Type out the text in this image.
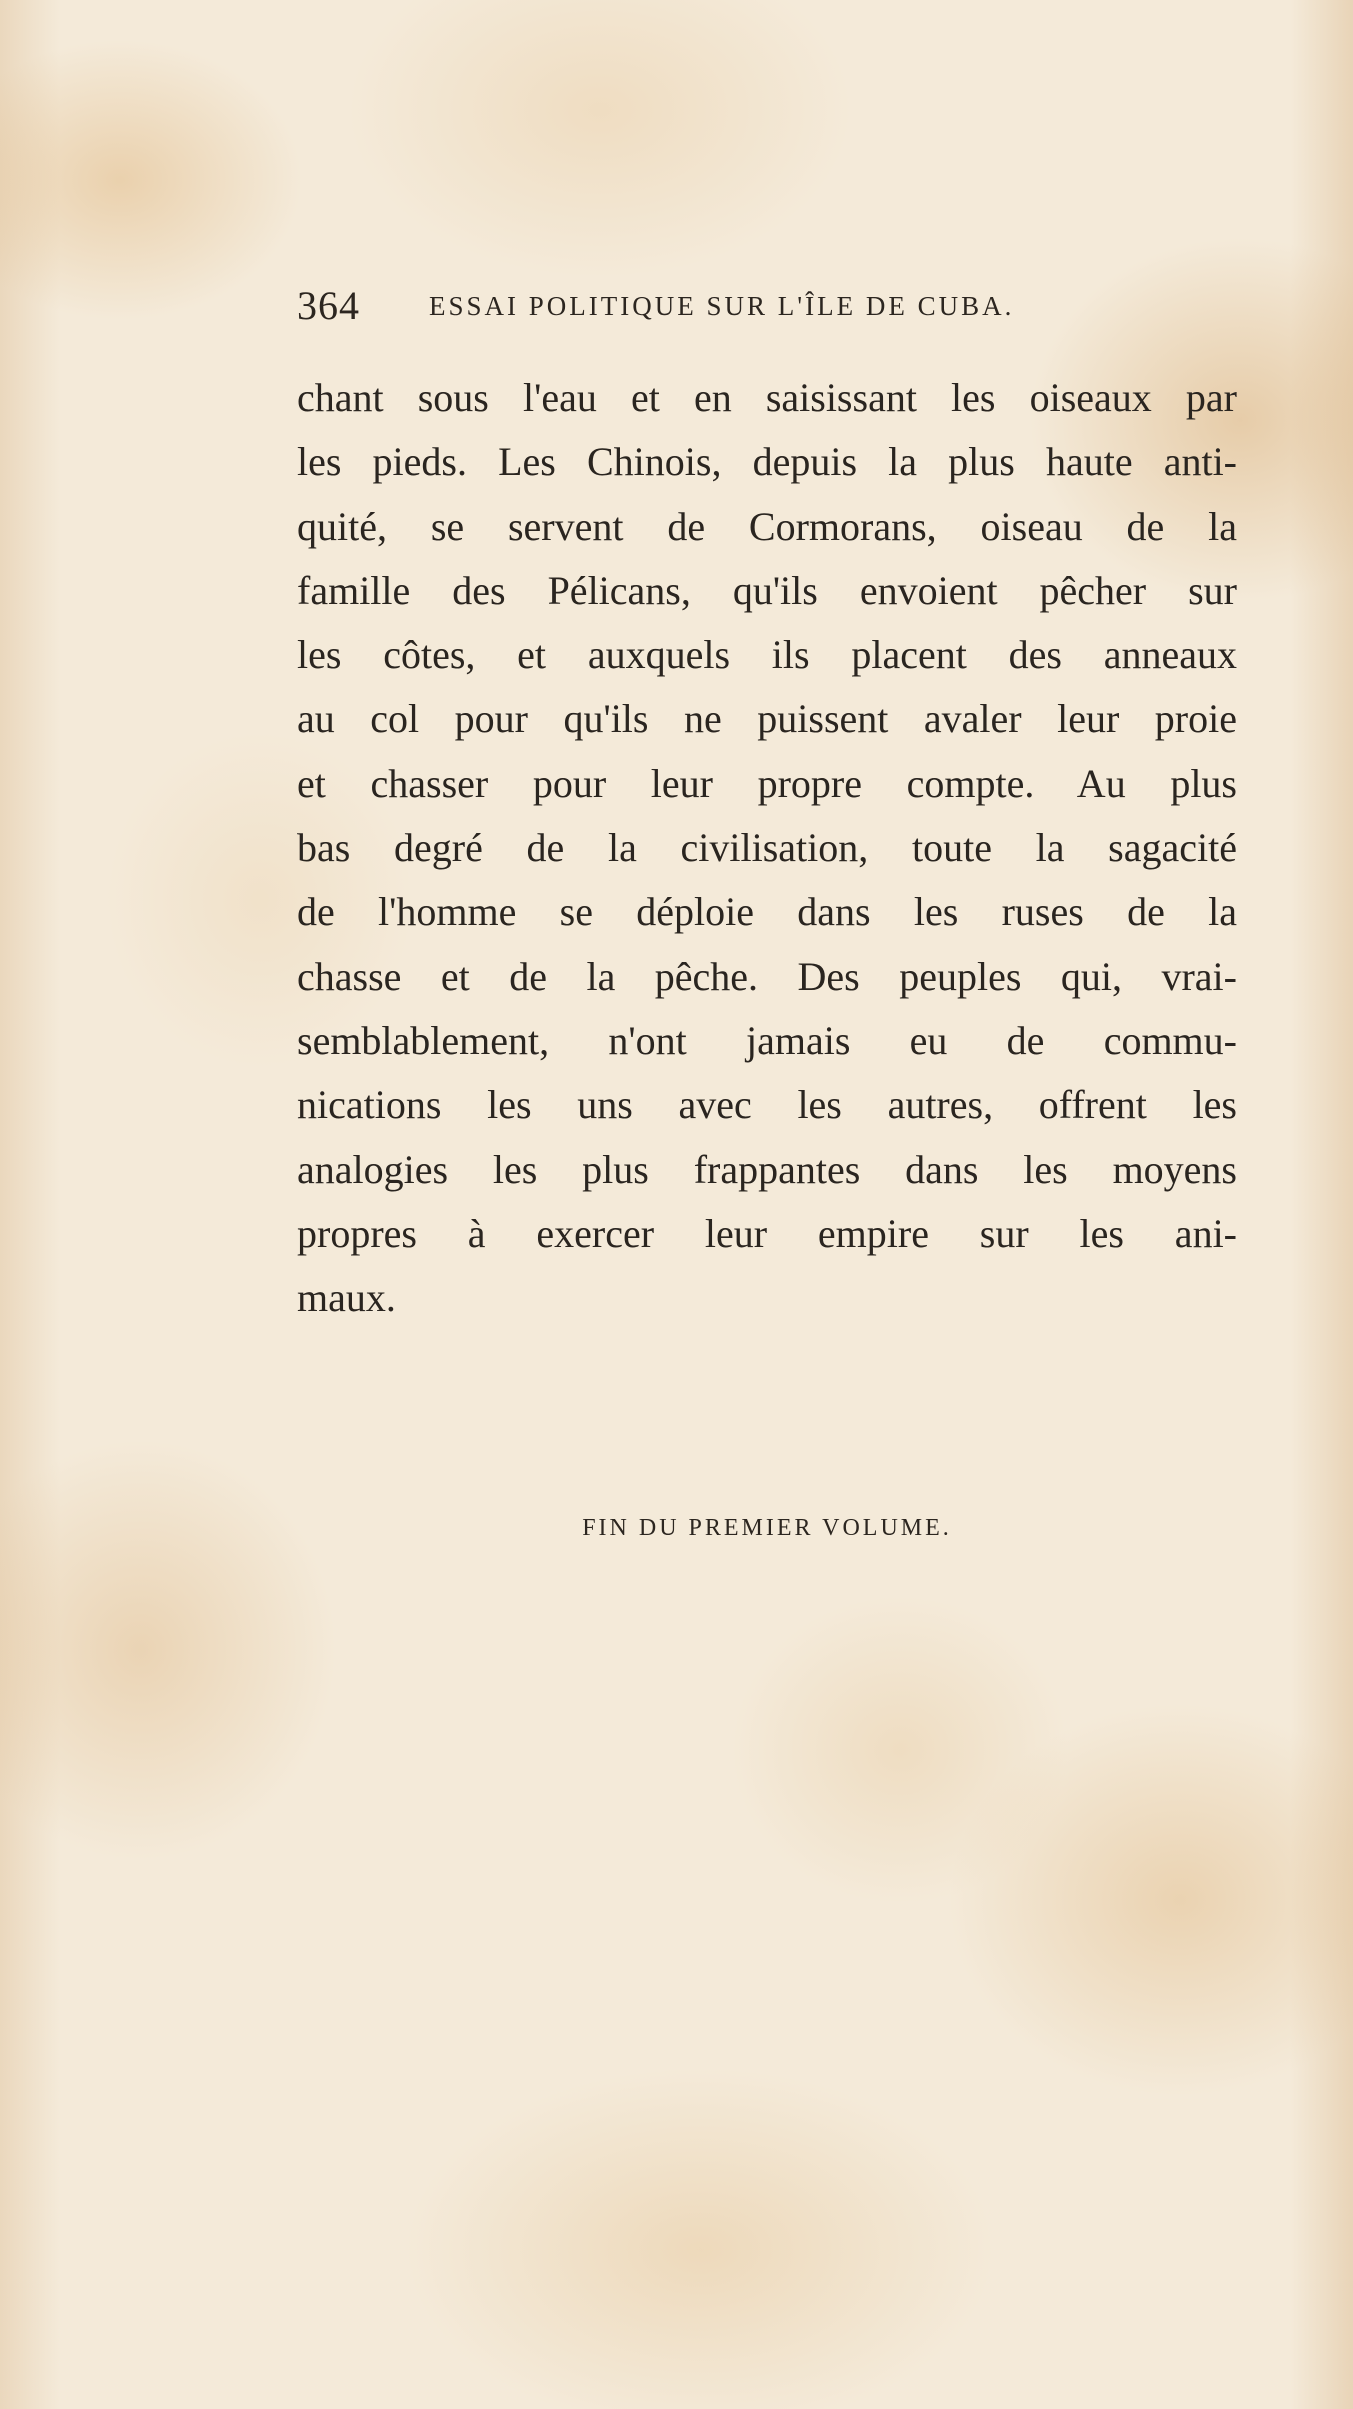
364	ESSAI POLITIQUE SUR L'ÎLE DE CUBA.
chant sous l'eau et en saisissant les oiseaux par
les pieds. Les Chinois, depuis la plus haute anti-
quité, se servent de Cormorans, oiseau de la
famille des Pélicans, qu'ils envoient pêcher sur
les côtes, et auxquels ils placent des anneaux
au col pour qu'ils ne puissent avaler leur proie
et chasser pour leur propre compte. Au plus
bas degré de la civilisation, toute la sagacité
de l'homme se déploie dans les ruses de la
chasse et de la pêche. Des peuples qui, vrai-
semblablement, n'ont jamais eu de commu-
nications les uns avec les autres, offrent les
analogies les plus frappantes dans les moyens
propres à exercer leur empire sur les ani-
maux.
FIN DU PREMIER VOLUME.
